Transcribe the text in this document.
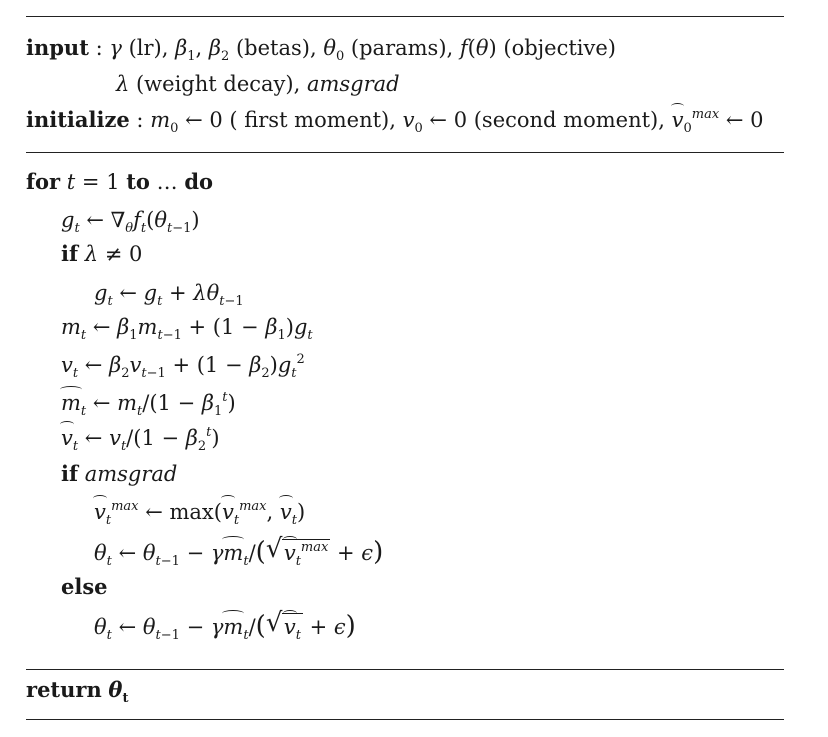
input : γ (lr), $\beta_1$, $\beta_2$ (betas), $\theta_0$ (params), f(θ) (objective)
λ (weight decay), amsgrad
initialize : $m_0$ ← 0 ( first moment), $v_0$ ← 0 (second moment), $v_0^{max}$ ← 0
for t = 1 to … do
$g_t$ ← $\nabla_\theta f_t(\theta_{t-1})$
if λ ≠ 0
$g_t$ ← $g_t + \lambda\theta_{t-1}$
$m_t$ ← $\beta_1m_{t-1} + (1 - \beta_1)g_t$
$v_t$ ← $\beta_2v_{t-1} + (1 - \beta_2)g_t^2$
$m_t$ ← $m_t/(1 - \beta_1^t)$
$v_t$ ← $v_t/(1 - \beta_2^t)$
if amsgrad
$v_t^{max}$ ← $\max(v_t^{max}$, $v_t$)
$\theta_t$ ← $\theta_{t-1} - \gamma m_t/(√$ $v_t^{max} + \epsilon$)
else
$\theta_t$ ← $\theta_{t-1} - \gamma m_t/(√$ $v_t + \epsilon$)
return $\theta_t$
